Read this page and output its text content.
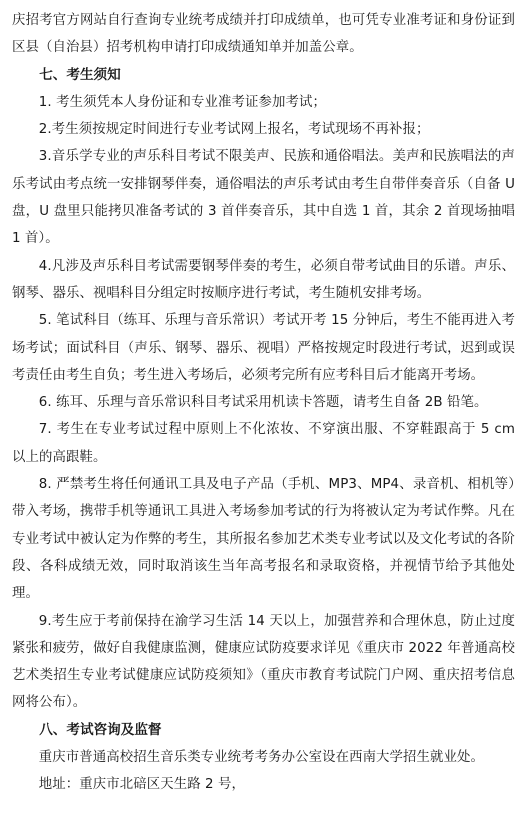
庆招考官方网站自行查询专业统考成绩并打印成绩单，也可凭专业准考证和身份证到区县（自治县）招考机构申请打印成绩通知单并加盖公章。

七、考生须知

1. 考生须凭本人身份证和专业准考证参加考试；

2.考生须按规定时间进行专业考试网上报名，考试现场不再补报；

3.音乐学专业的声乐科目考试不限美声、民族和通俗唱法。美声和民族唱法的声乐考试由考点统一安排钢琴伴奏，通俗唱法的声乐考试由考生自带伴奏音乐（自备 U 盘，U 盘里只能拷贝准备考试的 3 首伴奏音乐，其中自选 1 首，其余 2 首现场抽唱 1 首）。

4.凡涉及声乐科目考试需要钢琴伴奏的考生，必须自带考试曲目的乐谱。声乐、钢琴、器乐、视唱科目分组定时按顺序进行考试，考生随机安排考场。

5. 笔试科目（练耳、乐理与音乐常识）考试开考 15 分钟后，考生不能再进入考场考试；面试科目（声乐、钢琴、器乐、视唱）严格按规定时段进行考试，迟到或误考责任由考生自负；考生进入考场后，必须考完所有应考科目后才能离开考场。

6. 练耳、乐理与音乐常识科目考试采用机读卡答题，请考生自备 2B 铅笔。

7. 考生在专业考试过程中原则上不化浓妆、不穿演出服、不穿鞋跟高于 5 cm 以上的高跟鞋。

8. 严禁考生将任何通讯工具及电子产品（手机、MP3、MP4、录音机、相机等）带入考场，携带手机等通讯工具进入考场参加考试的行为将被认定为考试作弊。凡在专业考试中被认定为作弊的考生，其所报名参加艺术类专业考试以及文化考试的各阶段、各科成绩无效，同时取消该生当年高考报名和录取资格，并视情节给予其他处理。

9.考生应于考前保持在渝学习生活 14 天以上，加强营养和合理休息，防止过度紧张和疲劳，做好自我健康监测，健康应试防疫要求详见《重庆市 2022 年普通高校艺术类招生专业考试健康应试防疫须知》（重庆市教育考试院门户网、重庆招考信息网将公布）。

八、考试咨询及监督

重庆市普通高校招生音乐类专业统考考务办公室设在西南大学招生就业处。

地址：重庆市北碚区天生路 2 号，
